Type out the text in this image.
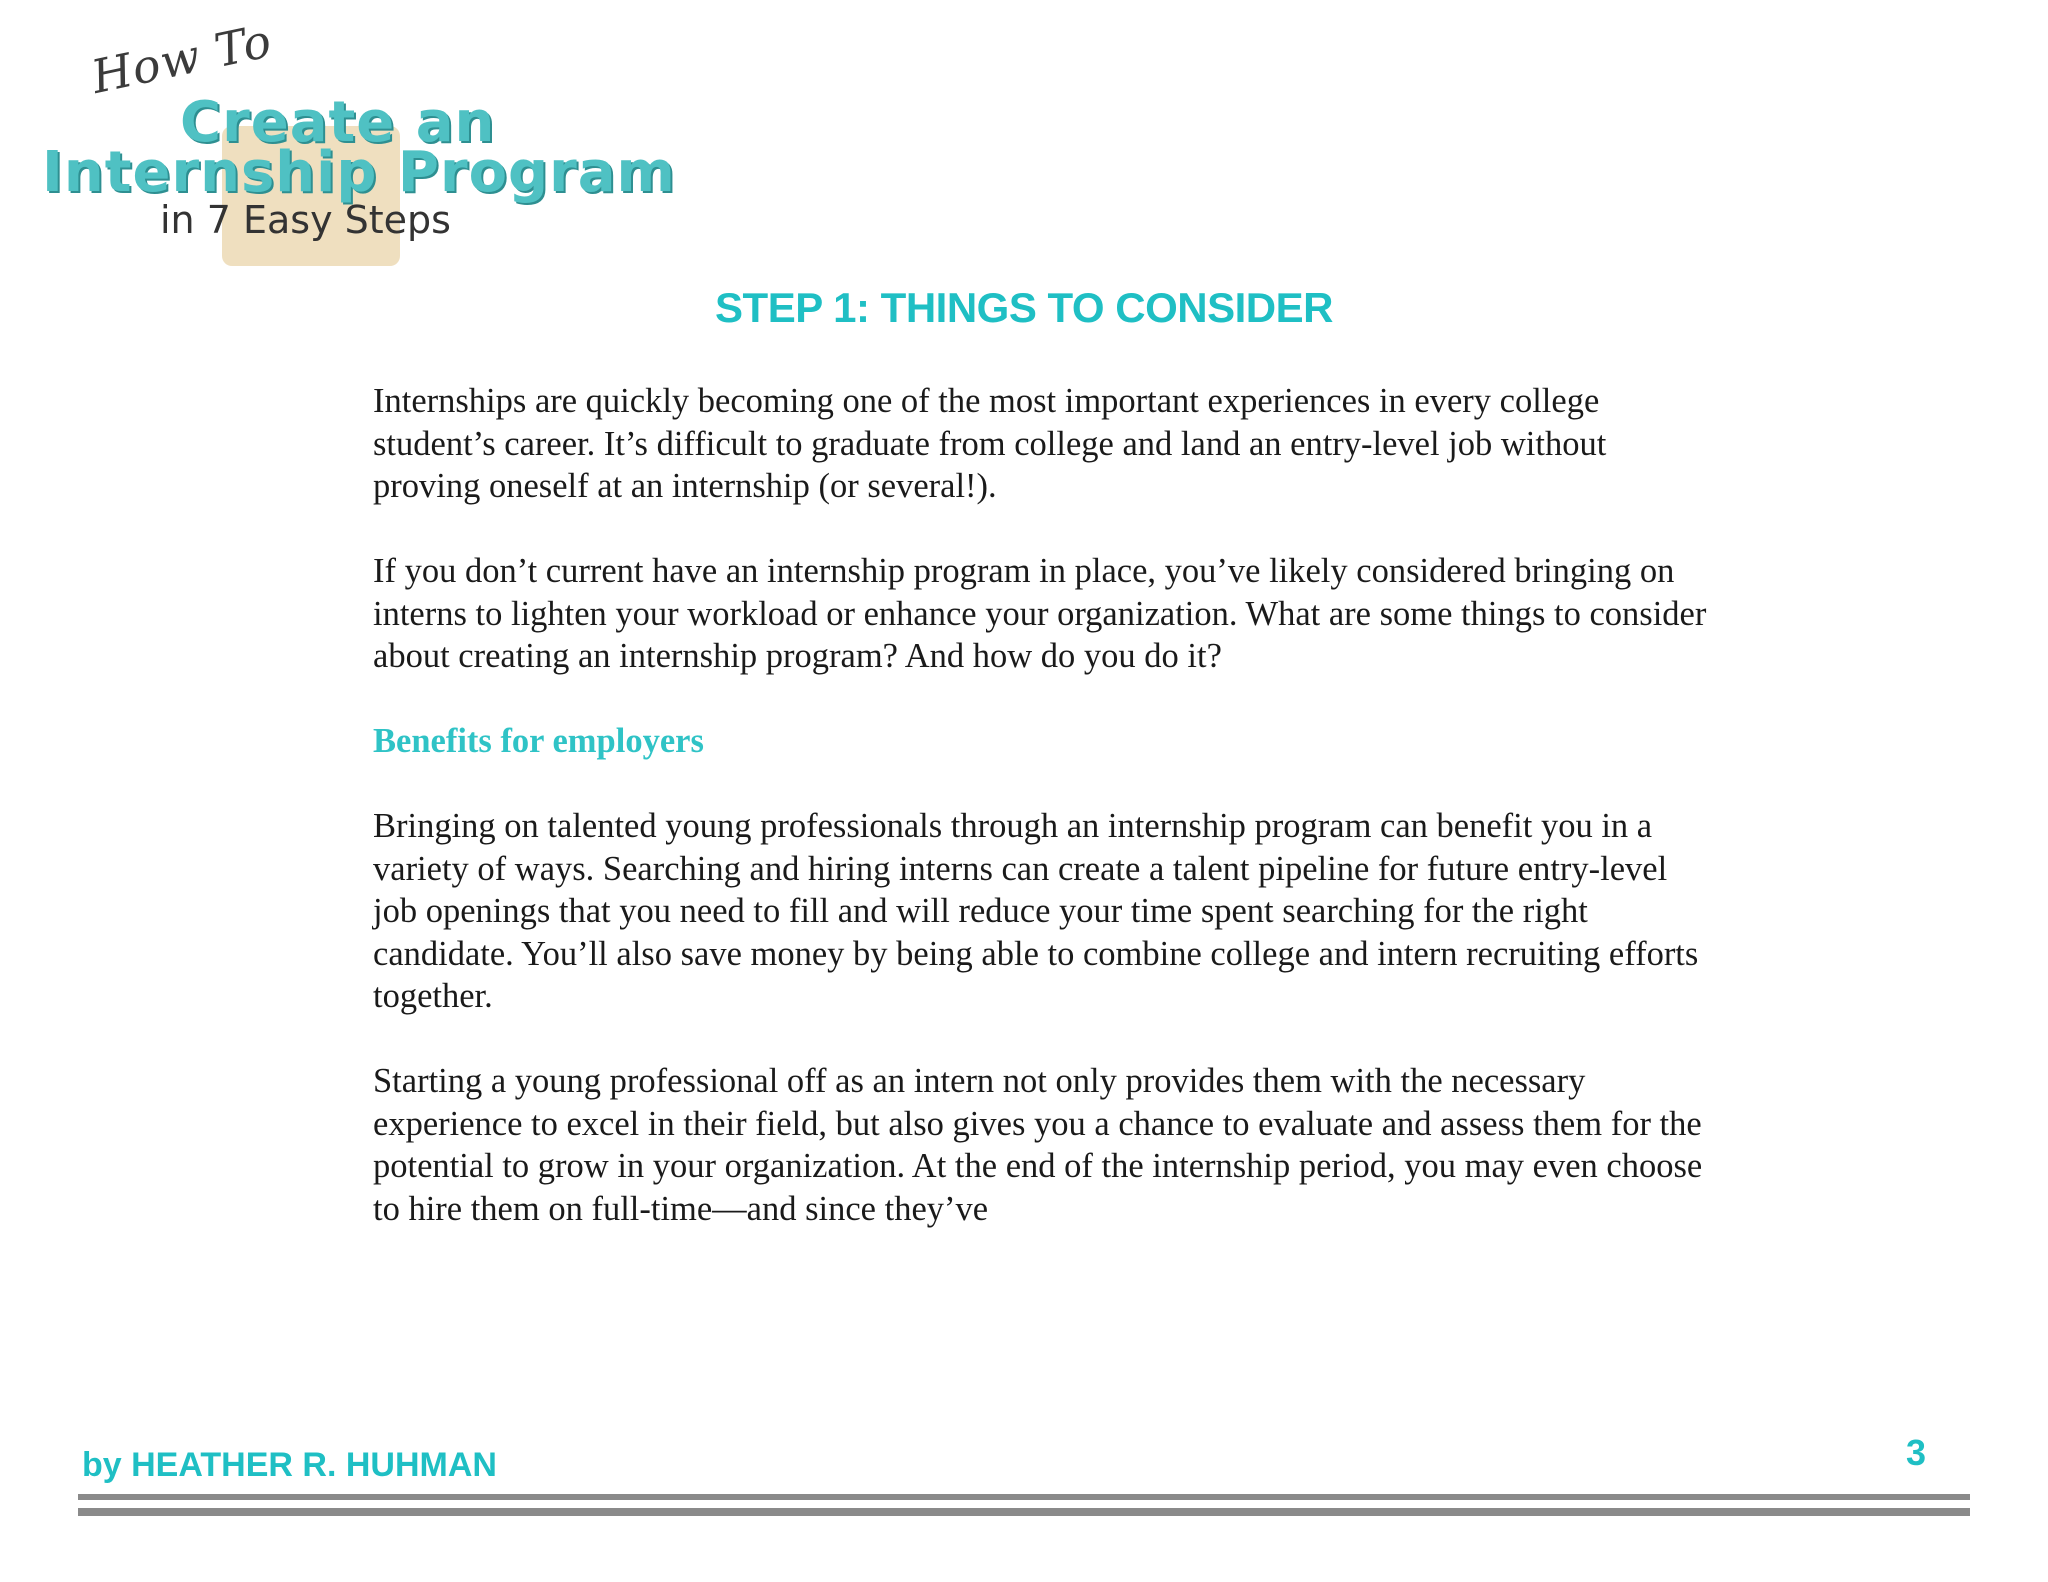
How To
Create an
Internship Program
in 7 Easy Steps
STEP 1: THINGS TO CONSIDER

Internships are quickly becoming one of the most important experiences in every college student’s career. It’s difficult to graduate from college and land an entry-level job without proving oneself at an internship (or several!).

If you don’t current have an internship program in place, you’ve likely considered bringing on interns to lighten your workload or enhance your organization. What are some things to consider about creating an internship program? And how do you do it?

Benefits for employers

Bringing on talented young professionals through an internship program can benefit you in a variety of ways. Searching and hiring interns can create a talent pipeline for future entry-level job openings that you need to fill and will reduce your time spent searching for the right candidate. You’ll also save money by being able to combine college and intern recruiting efforts together.

Starting a young professional off as an intern not only provides them with the necessary experience to excel in their field, but also gives you a chance to evaluate and assess them for the potential to grow in your organization. At the end of the internship period, you may even choose to hire them on full-time—and since they’ve

by HEATHER R. HUHMAN	3
